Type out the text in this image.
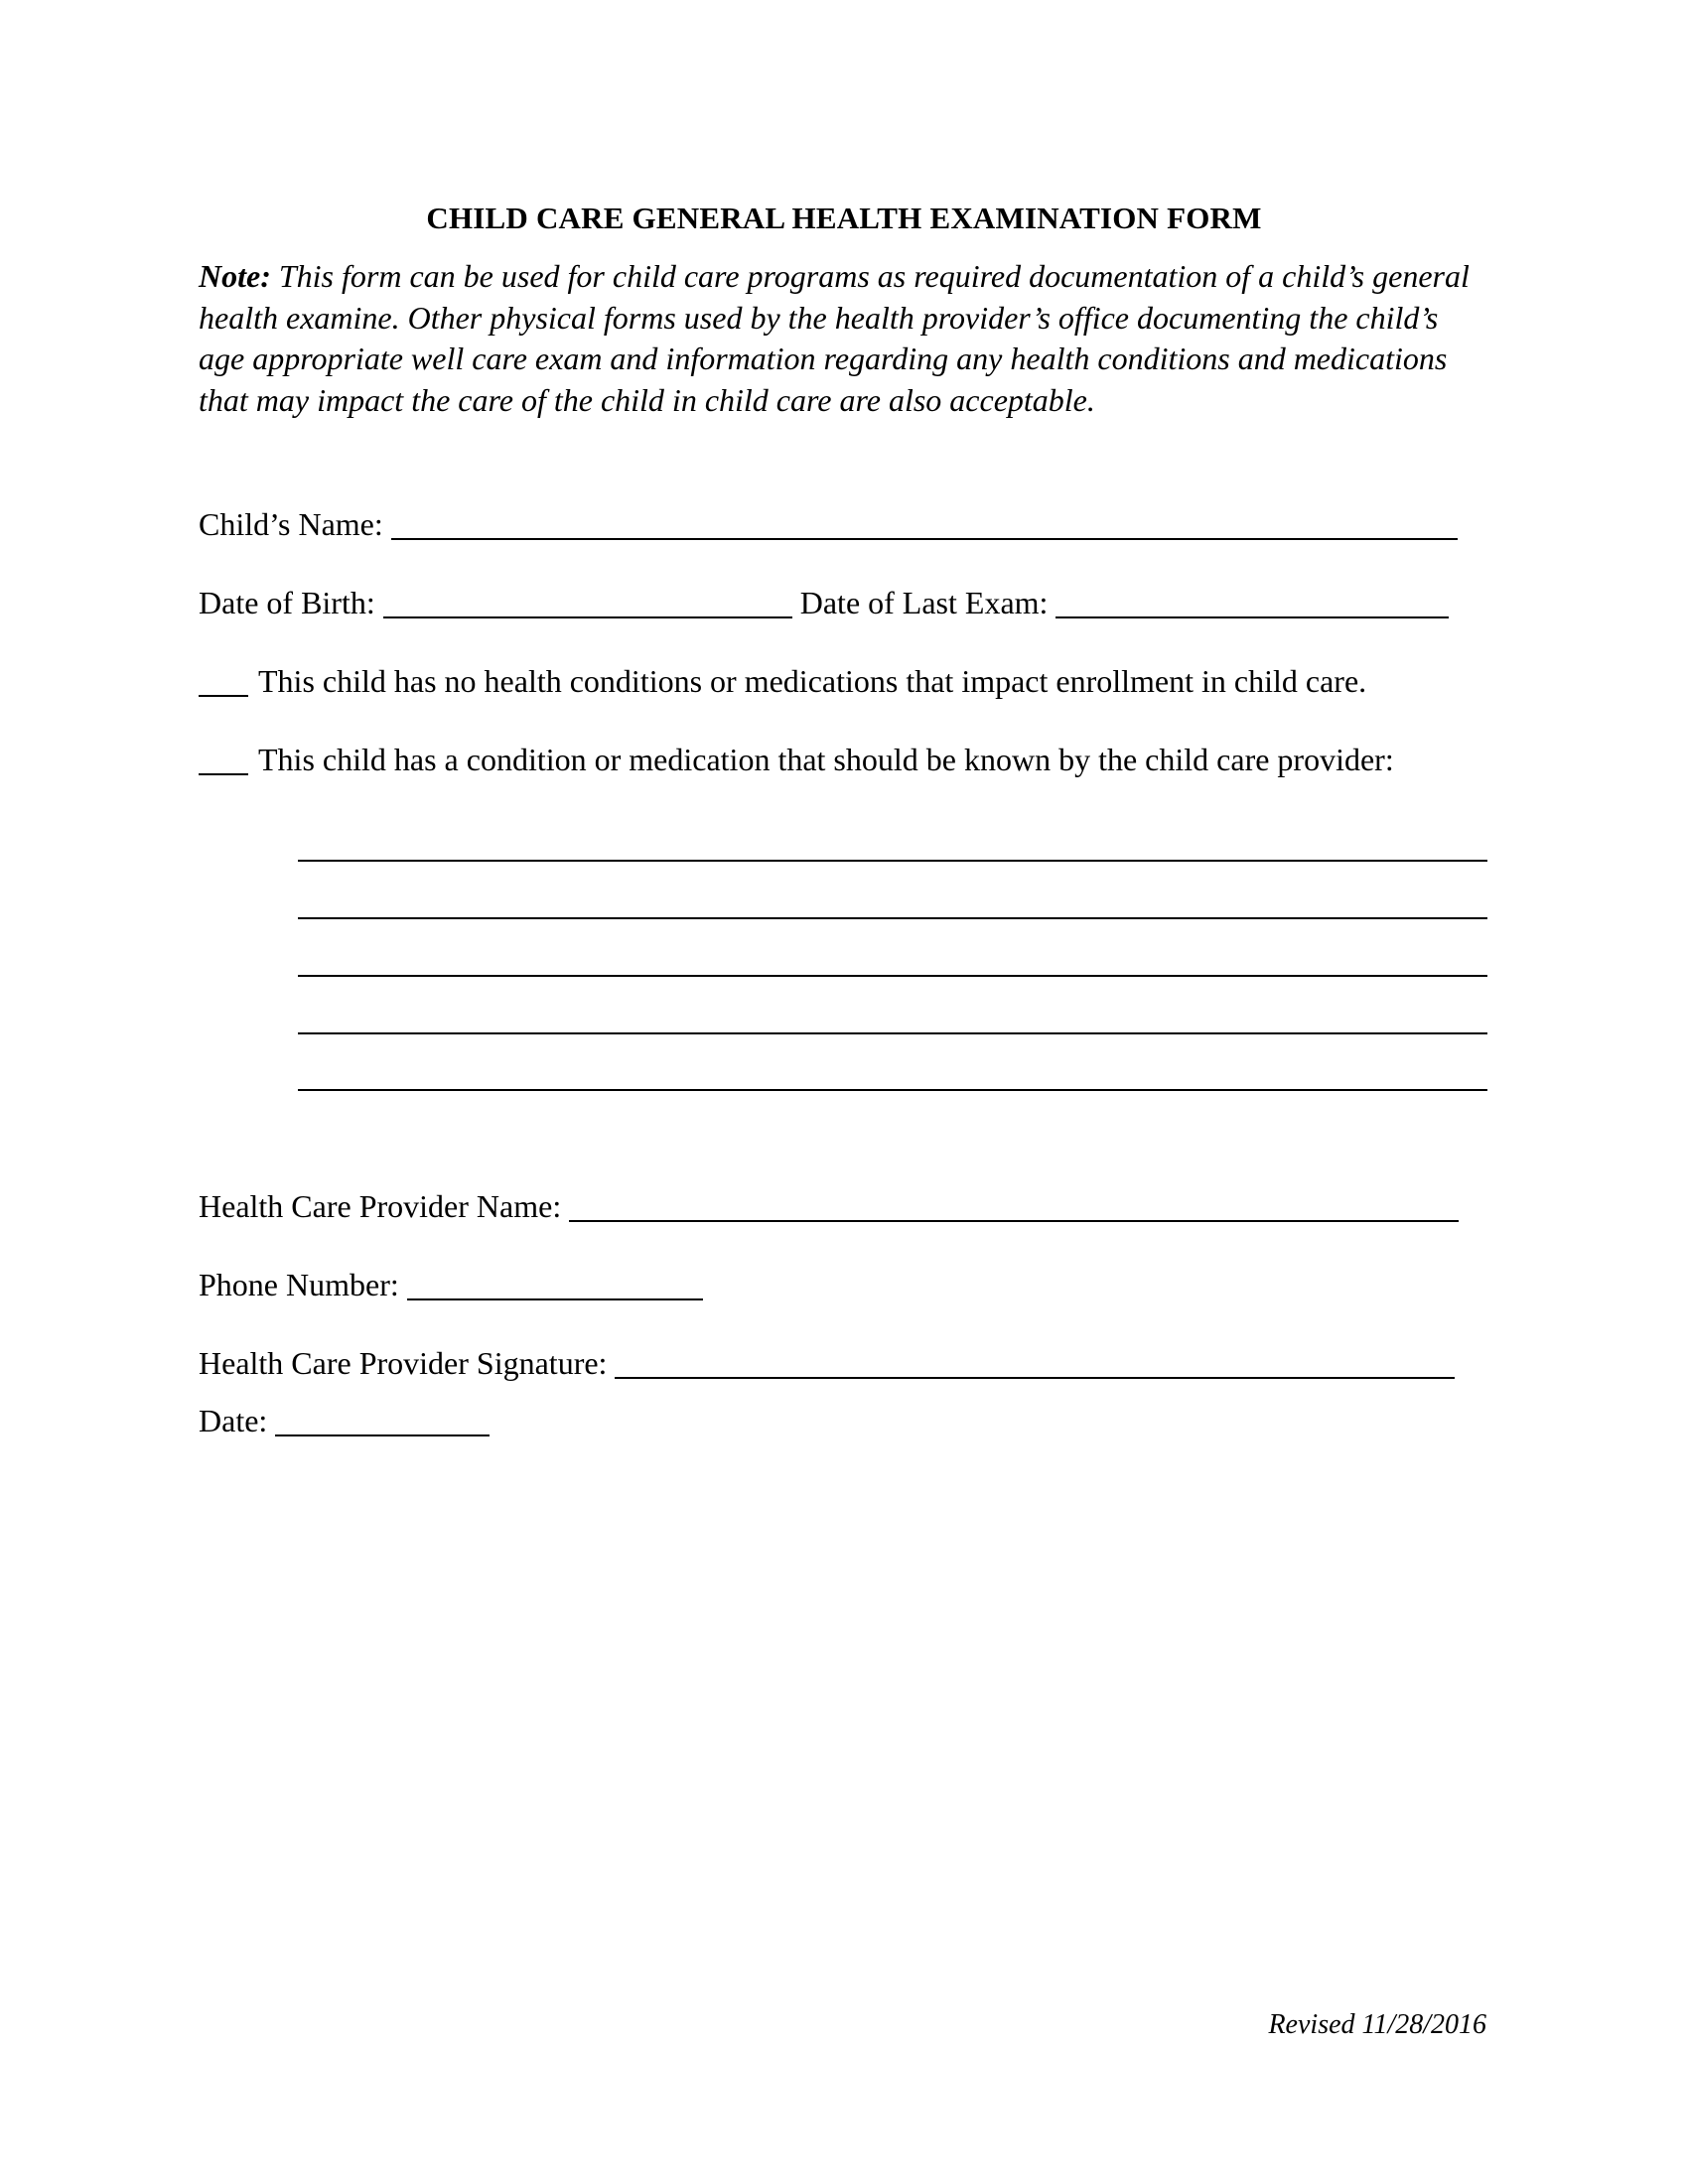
CHILD CARE GENERAL HEALTH EXAMINATION FORM
Note: This form can be used for child care programs as required documentation of a child’s general health examine. Other physical forms used by the health provider’s office documenting the child’s age appropriate well care exam and information regarding any health conditions and medications that may impact the care of the child in child care are also acceptable.
Child’s Name:
Date of Birth:	Date of Last Exam:
This child has no health conditions or medications that impact enrollment in child care.
This child has a condition or medication that should be known by the child care provider:
Health Care Provider Name:
Phone Number:
Health Care Provider Signature:
Date:
Revised 11/28/2016
